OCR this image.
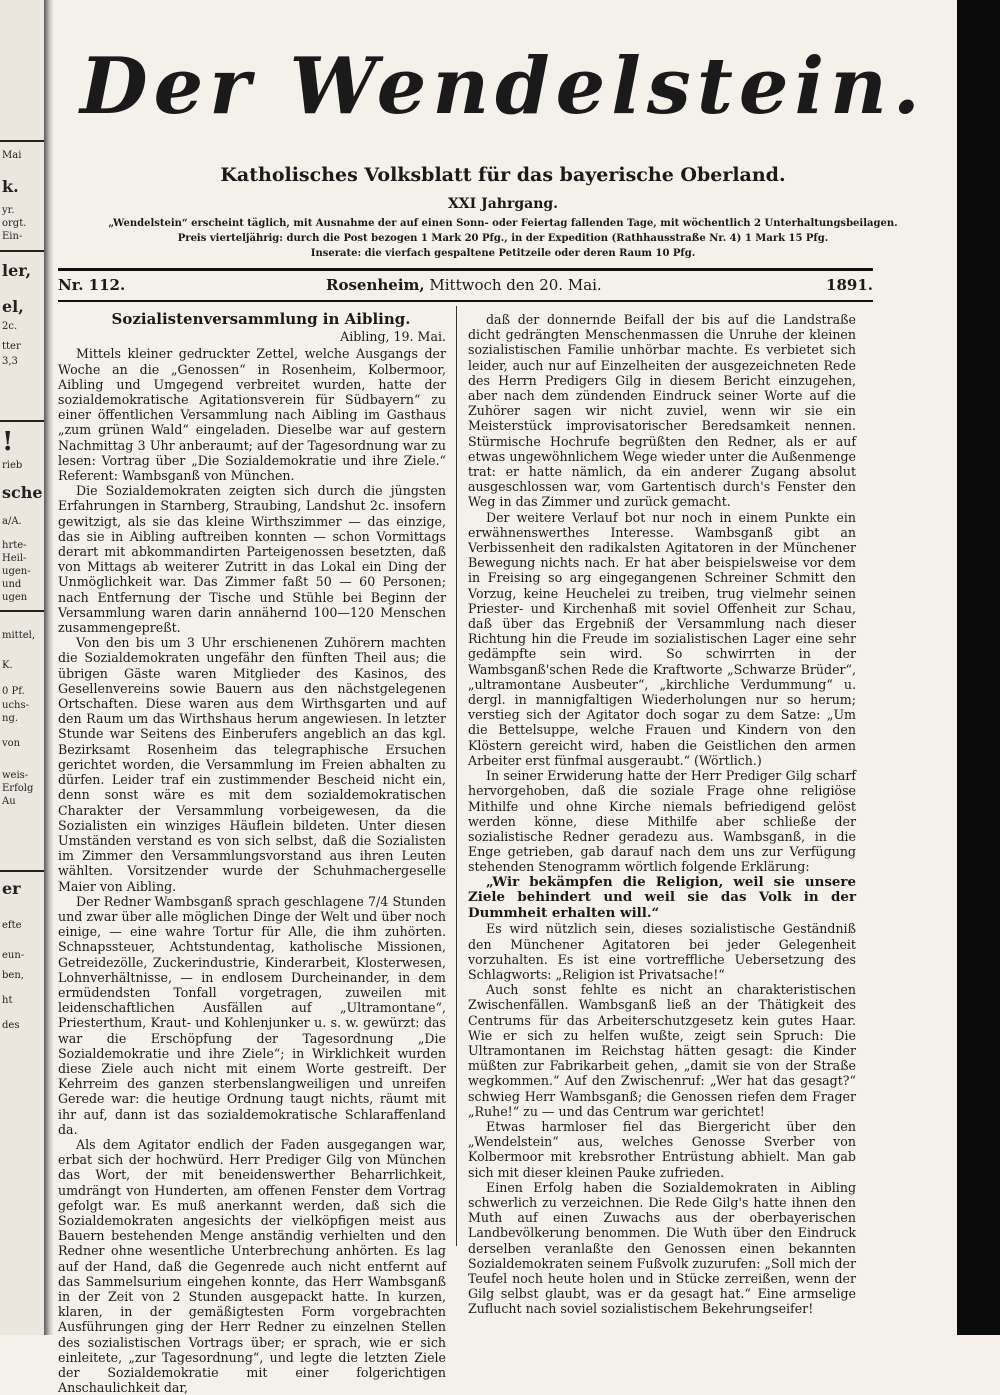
Mai
k.
yr.
orgt.
Ein-
ler,
el,
2c.
tter
3,3
!
rieb
sche
a/A.
hrte-
Heil-
ugen-
und
ugen
mittel,
K.
0 Pf.
uchs-
ng.
von
weis-
Erfolg
Au
er
efte
eun-
ben,
ht
des
Der Wendelstein.
Katholisches Volksblatt für das bayerische Oberland.
XXI Jahrgang.
„Wendelstein“ erscheint täglich, mit Ausnahme der auf einen Sonn- oder Feiertag fallenden Tage, mit wöchentlich 2 Unterhaltungsbeilagen.
Preis vierteljährig: durch die Post bezogen 1 Mark 20 Pfg., in der Expedition (Rathhausstraße Nr. 4) 1 Mark 15 Pfg.
Inserate: die vierfach gespaltene Petitzeile oder deren Raum 10 Pfg.
Nr. 112.	Rosenheim, Mittwoch den 20. Mai.	1891.

Sozialistenversammlung in Aibling.

Aibling, 19. Mai.

Mittels kleiner gedruckter Zettel, welche Ausgangs der Woche an die „Genossen“ in Rosenheim, Kolbermoor, Aibling und Umgegend verbreitet wurden, hatte der sozialdemokratische Agitationsverein für Südbayern“ zu einer öffentlichen Versammlung nach Aibling im Gasthaus „zum grünen Wald“ eingeladen. Dieselbe war auf gestern Nachmittag 3 Uhr anberaumt; auf der Tagesordnung war zu lesen: Vortrag über „Die Sozialdemokratie und ihre Ziele.“ Referent: Wambsganß von München.

Die Sozialdemokraten zeigten sich durch die jüngsten Erfahrungen in Starnberg, Straubing, Landshut 2c. insofern gewitzigt, als sie das kleine Wirthszimmer — das einzige, das sie in Aibling auftreiben konnten — schon Vormittags derart mit abkommandirten Parteigenossen besetzten, daß von Mittags ab weiterer Zutritt in das Lokal ein Ding der Unmöglichkeit war. Das Zimmer faßt 50 — 60 Personen; nach Entfernung der Tische und Stühle bei Beginn der Versammlung waren darin annähernd 100—120 Menschen zusammengepreßt.

Von den bis um 3 Uhr erschienenen Zuhörern machten die Sozialdemokraten ungefähr den fünften Theil aus; die übrigen Gäste waren Mitglieder des Kasinos, des Gesellenvereins sowie Bauern aus den nächstgelegenen Ortschaften. Diese waren aus dem Wirthsgarten und auf den Raum um das Wirthshaus herum angewiesen. In letzter Stunde war Seitens des Einberufers angeblich an das kgl. Bezirksamt Rosenheim das telegraphische Ersuchen gerichtet worden, die Versammlung im Freien abhalten zu dürfen. Leider traf ein zustimmender Bescheid nicht ein, denn sonst wäre es mit dem sozialdemokratischen Charakter der Versammlung vorbeigewesen, da die Sozialisten ein winziges Häuflein bildeten. Unter diesen Umständen verstand es von sich selbst, daß die Sozialisten im Zimmer den Versammlungsvorstand aus ihren Leuten wählten. Vorsitzender wurde der Schuhmachergeselle Maier von Aibling.

Der Redner Wambsganß sprach geschlagene 7/4 Stunden und zwar über alle möglichen Dinge der Welt und über noch einige, — eine wahre Tortur für Alle, die ihm zuhörten. Schnapssteuer, Achtstundentag, katholische Missionen, Getreidezölle, Zuckerindustrie, Kinderarbeit, Klosterwesen, Lohnverhältnisse, — in endlosem Durcheinander, in dem ermüdendsten Tonfall vorgetragen, zuweilen mit leidenschaftlichen Ausfällen auf „Ultramontane“, Priesterthum, Kraut- und Kohlenjunker u. s. w. gewürzt: das war die Erschöpfung der Tagesordnung „Die Sozialdemokratie und ihre Ziele“; in Wirklichkeit wurden diese Ziele auch nicht mit einem Worte gestreift. Der Kehrreim des ganzen sterbenslangweiligen und unreifen Gerede war: die heutige Ordnung taugt nichts, räumt mit ihr auf, dann ist das sozialdemokratische Schlaraffenland da.

Als dem Agitator endlich der Faden ausgegangen war, erbat sich der hochwürd. Herr Prediger Gilg von München das Wort, der mit beneidenswerther Beharrlichkeit, umdrängt von Hunderten, am offenen Fenster dem Vortrag gefolgt war. Es muß anerkannt werden, daß sich die Sozialdemokraten angesichts der vielköpfigen meist aus Bauern bestehenden Menge anständig verhielten und den Redner ohne wesentliche Unterbrechung anhörten. Es lag auf der Hand, daß die Gegenrede auch nicht entfernt auf das Sammelsurium eingehen konnte, das Herr Wambsganß in der Zeit von 2 Stunden ausgepackt hatte. In kurzen, klaren, in der gemäßigtesten Form vorgebrachten Ausführungen ging der Herr Redner zu einzelnen Stellen des sozialistischen Vortrags über; er sprach, wie er sich einleitete, „zur Tagesordnung“, und legte die letzten Ziele der Sozialdemokratie mit einer folgerichtigen Anschaulichkeit dar,

daß der donnernde Beifall der bis auf die Landstraße dicht gedrängten Menschenmassen die Unruhe der kleinen sozialistischen Familie unhörbar machte. Es verbietet sich leider, auch nur auf Einzelheiten der ausgezeichneten Rede des Herrn Predigers Gilg in diesem Bericht einzugehen, aber nach dem zündenden Eindruck seiner Worte auf die Zuhörer sagen wir nicht zuviel, wenn wir sie ein Meisterstück improvisatorischer Beredsamkeit nennen. Stürmische Hochrufe begrüßten den Redner, als er auf etwas ungewöhnlichem Wege wieder unter die Außenmenge trat: er hatte nämlich, da ein anderer Zugang absolut ausgeschlossen war, vom Gartentisch durch's Fenster den Weg in das Zimmer und zurück gemacht.

Der weitere Verlauf bot nur noch in einem Punkte ein erwähnenswerthes Interesse. Wambsganß gibt an Verbissenheit den radikalsten Agitatoren in der Münchener Bewegung nichts nach. Er hat aber beispielsweise vor dem in Freising so arg eingegangenen Schreiner Schmitt den Vorzug, keine Heuchelei zu treiben, trug vielmehr seinen Priester- und Kirchenhaß mit soviel Offenheit zur Schau, daß über das Ergebniß der Versammlung nach dieser Richtung hin die Freude im sozialistischen Lager eine sehr gedämpfte sein wird. So schwirrten in der Wambsganß'schen Rede die Kraftworte „Schwarze Brüder“, „ultramontane Ausbeuter“, „kirchliche Verdummung“ u. dergl. in mannigfaltigen Wiederholungen nur so herum; verstieg sich der Agitator doch sogar zu dem Satze: „Um die Bettelsuppe, welche Frauen und Kindern von den Klöstern gereicht wird, haben die Geistlichen den armen Arbeiter erst fünfmal ausgeraubt.“ (Wörtlich.)

In seiner Erwiderung hatte der Herr Prediger Gilg scharf hervorgehoben, daß die soziale Frage ohne religiöse Mithilfe und ohne Kirche niemals befriedigend gelöst werden könne, diese Mithilfe aber schließe der sozialistische Redner geradezu aus. Wambsganß, in die Enge getrieben, gab darauf nach dem uns zur Verfügung stehenden Stenogramm wörtlich folgende Erklärung:

„Wir bekämpfen die Religion, weil sie unsere Ziele behindert und weil sie das Volk in der Dummheit erhalten will.“

Es wird nützlich sein, dieses sozialistische Geständniß den Münchener Agitatoren bei jeder Gelegenheit vorzuhalten. Es ist eine vortreffliche Uebersetzung des Schlagworts: „Religion ist Privatsache!“

Auch sonst fehlte es nicht an charakteristischen Zwischenfällen. Wambsganß ließ an der Thätigkeit des Centrums für das Arbeiterschutzgesetz kein gutes Haar. Wie er sich zu helfen wußte, zeigt sein Spruch: Die Ultramontanen im Reichstag hätten gesagt: die Kinder müßten zur Fabrikarbeit gehen, „damit sie von der Straße wegkommen.“ Auf den Zwischenruf: „Wer hat das gesagt?“ schwieg Herr Wambsganß; die Genossen riefen dem Frager „Ruhe!“ zu — und das Centrum war gerichtet!

Etwas harmloser fiel das Biergericht über den „Wendelstein“ aus, welches Genosse Sverber von Kolbermoor mit krebsrother Entrüstung abhielt. Man gab sich mit dieser kleinen Pauke zufrieden.

Einen Erfolg haben die Sozialdemokraten in Aibling schwerlich zu verzeichnen. Die Rede Gilg's hatte ihnen den Muth auf einen Zuwachs aus der oberbayerischen Landbevölkerung benommen. Die Wuth über den Eindruck derselben veranlaßte den Genossen einen bekannten Sozialdemokraten seinem Fußvolk zuzurufen: „Soll mich der Teufel noch heute holen und in Stücke zerreißen, wenn der Gilg selbst glaubt, was er da gesagt hat.“ Eine armselige Zuflucht nach soviel sozialistischem Bekehrungseifer!
